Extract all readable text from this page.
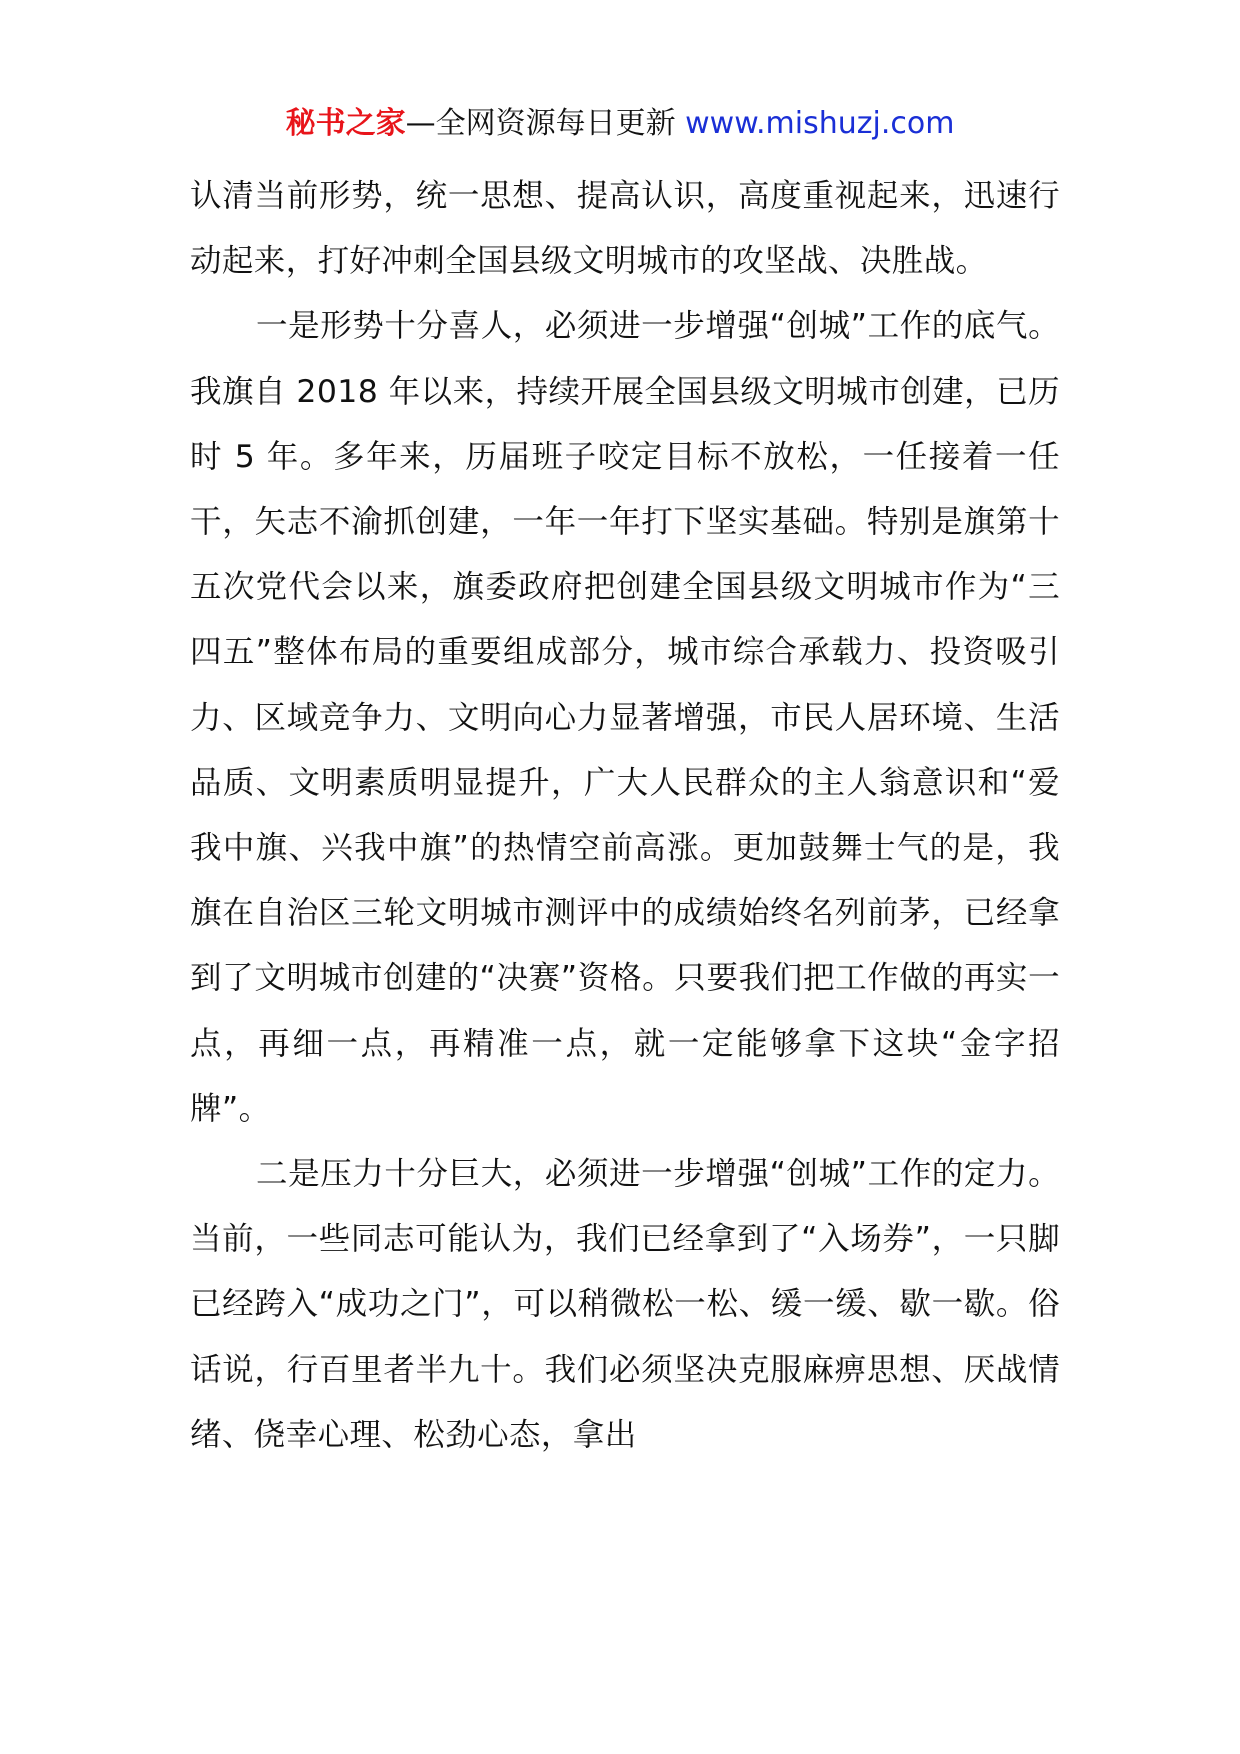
秘书之家—全网资源每日更新 www.mishuzj.com

认清当前形势，统一思想、提高认识，高度重视起来，迅速行动起来，打好冲刺全国县级文明城市的攻坚战、决胜战。

一是形势十分喜人，必须进一步增强“创城”工作的底气。我旗自 2018 年以来，持续开展全国县级文明城市创建，已历时 5 年。多年来，历届班子咬定目标不放松，一任接着一任干，矢志不渝抓创建，一年一年打下坚实基础。特别是旗第十五次党代会以来，旗委政府把创建全国县级文明城市作为“三四五”整体布局的重要组成部分，城市综合承载力、投资吸引力、区域竞争力、文明向心力显著增强，市民人居环境、生活品质、文明素质明显提升，广大人民群众的主人翁意识和“爱我中旗、兴我中旗”的热情空前高涨。更加鼓舞士气的是，我旗在自治区三轮文明城市测评中的成绩始终名列前茅，已经拿到了文明城市创建的“决赛”资格。只要我们把工作做的再实一点，再细一点，再精准一点，就一定能够拿下这块“金字招牌”。

二是压力十分巨大，必须进一步增强“创城”工作的定力。当前，一些同志可能认为，我们已经拿到了“入场券”，一只脚已经跨入“成功之门”，可以稍微松一松、缓一缓、歇一歇。俗话说，行百里者半九十。我们必须坚决克服麻痹思想、厌战情绪、侥幸心理、松劲心态，拿出
